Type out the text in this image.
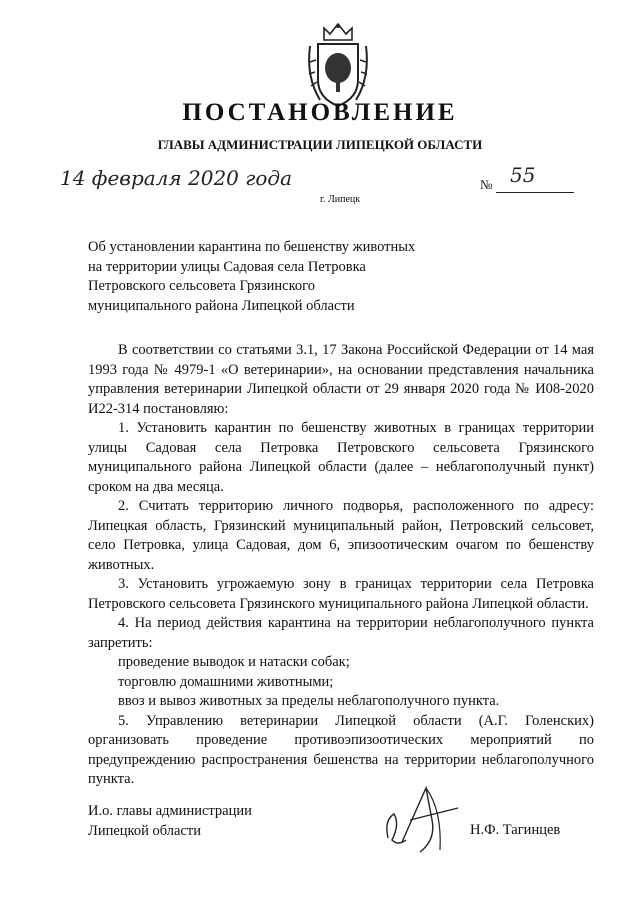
ПОСТАНОВЛЕНИЕ
ГЛАВЫ АДМИНИСТРАЦИИ ЛИПЕЦКОЙ ОБЛАСТИ
14 февраля 2020 года
г. Липецк
№ 55
Об установлении карантина по бешенству животных на территории улицы Садовая села Петровка Петровского сельсовета Грязинского муниципального района Липецкой области

В соответствии со статьями 3.1, 17 Закона Российской Федерации от 14 мая 1993 года № 4979-1 «О ветеринарии», на основании представления начальника управления ветеринарии Липецкой области от 29 января 2020 года № И08-2020 И22-314 постановляю:

1. Установить карантин по бешенству животных в границах территории улицы Садовая села Петровка Петровского сельсовета Грязинского муниципального района Липецкой области (далее – неблагополучный пункт) сроком на два месяца.

2. Считать территорию личного подворья, расположенного по адресу: Липецкая область, Грязинский муниципальный район, Петровский сельсовет, село Петровка, улица Садовая, дом 6, эпизоотическим очагом по бешенству животных.

3. Установить угрожаемую зону в границах территории села Петровка Петровского сельсовета Грязинского муниципального района Липецкой области.

4. На период действия карантина на территории неблагополучного пункта запретить:

проведение выводок и натаски собак;

торговлю домашними животными;

ввоз и вывоз животных за пределы неблагополучного пункта.

5. Управлению ветеринарии Липецкой области (А.Г. Голенских) организовать проведение противоэпизоотических мероприятий по предупреждению распространения бешенства на территории неблагополучного пункта.

И.о. главы администрации
Липецкой области	Н.Ф. Тагинцев
